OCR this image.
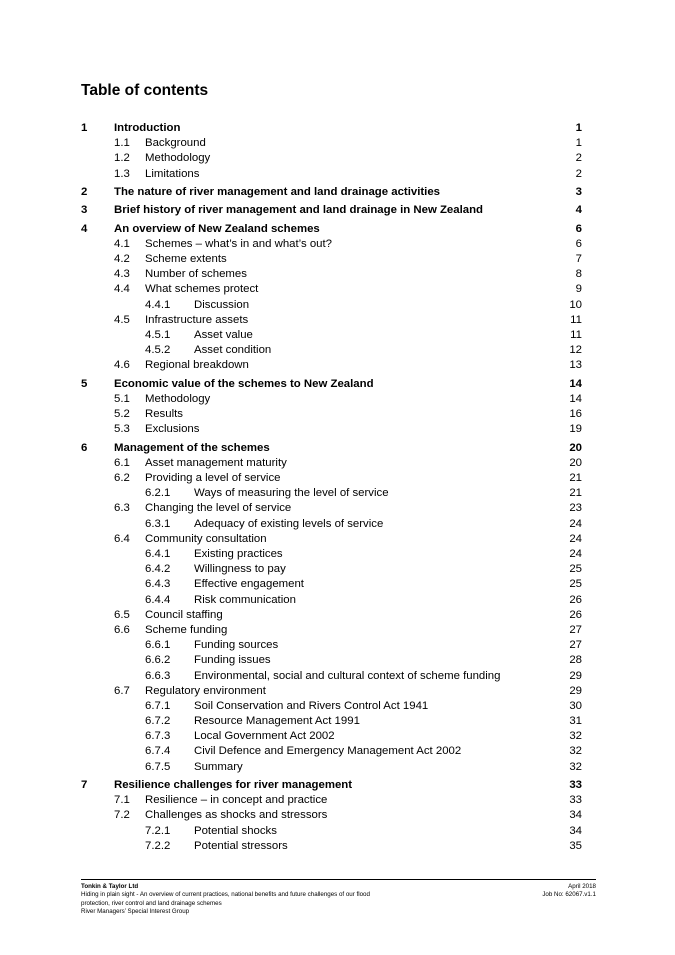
Table of contents
1 Introduction	1
1.1 Background	1
1.2 Methodology	2
1.3 Limitations	2
2 The nature of river management and land drainage activities	3
3 Brief history of river management and land drainage in New Zealand	4
4 An overview of New Zealand schemes	6
4.1 Schemes – what’s in and what’s out?	6
4.2 Scheme extents	7
4.3 Number of schemes	8
4.4 What schemes protect	9
4.4.1 Discussion	10
4.5 Infrastructure assets	11
4.5.1 Asset value	11
4.5.2 Asset condition	12
4.6 Regional breakdown	13
5 Economic value of the schemes to New Zealand	14
5.1 Methodology	14
5.2 Results	16
5.3 Exclusions	19
6 Management of the schemes	20
6.1 Asset management maturity	20
6.2 Providing a level of service	21
6.2.1 Ways of measuring the level of service	21
6.3 Changing the level of service	23
6.3.1 Adequacy of existing levels of service	24
6.4 Community consultation	24
6.4.1 Existing practices	24
6.4.2 Willingness to pay	25
6.4.3 Effective engagement	25
6.4.4 Risk communication	26
6.5 Council staffing	26
6.6 Scheme funding	27
6.6.1 Funding sources	27
6.6.2 Funding issues	28
6.6.3 Environmental, social and cultural context of scheme funding	29
6.7 Regulatory environment	29
6.7.1 Soil Conservation and Rivers Control Act 1941	30
6.7.2 Resource Management Act 1991	31
6.7.3 Local Government Act 2002	32
6.7.4 Civil Defence and Emergency Management Act 2002	32
6.7.5 Summary	32
7 Resilience challenges for river management	33
7.1 Resilience – in concept and practice	33
7.2 Challenges as shocks and stressors	34
7.2.1 Potential shocks	34
7.2.2 Potential stressors	35
Tonkin & Taylor Ltd
Hiding in plain sight - An overview of current practices, national benefits and future challenges of our flood
protection, river control and land drainage schemes
River Managers’ Special Interest Group
April 2018
Job No: 62067.v1.1
